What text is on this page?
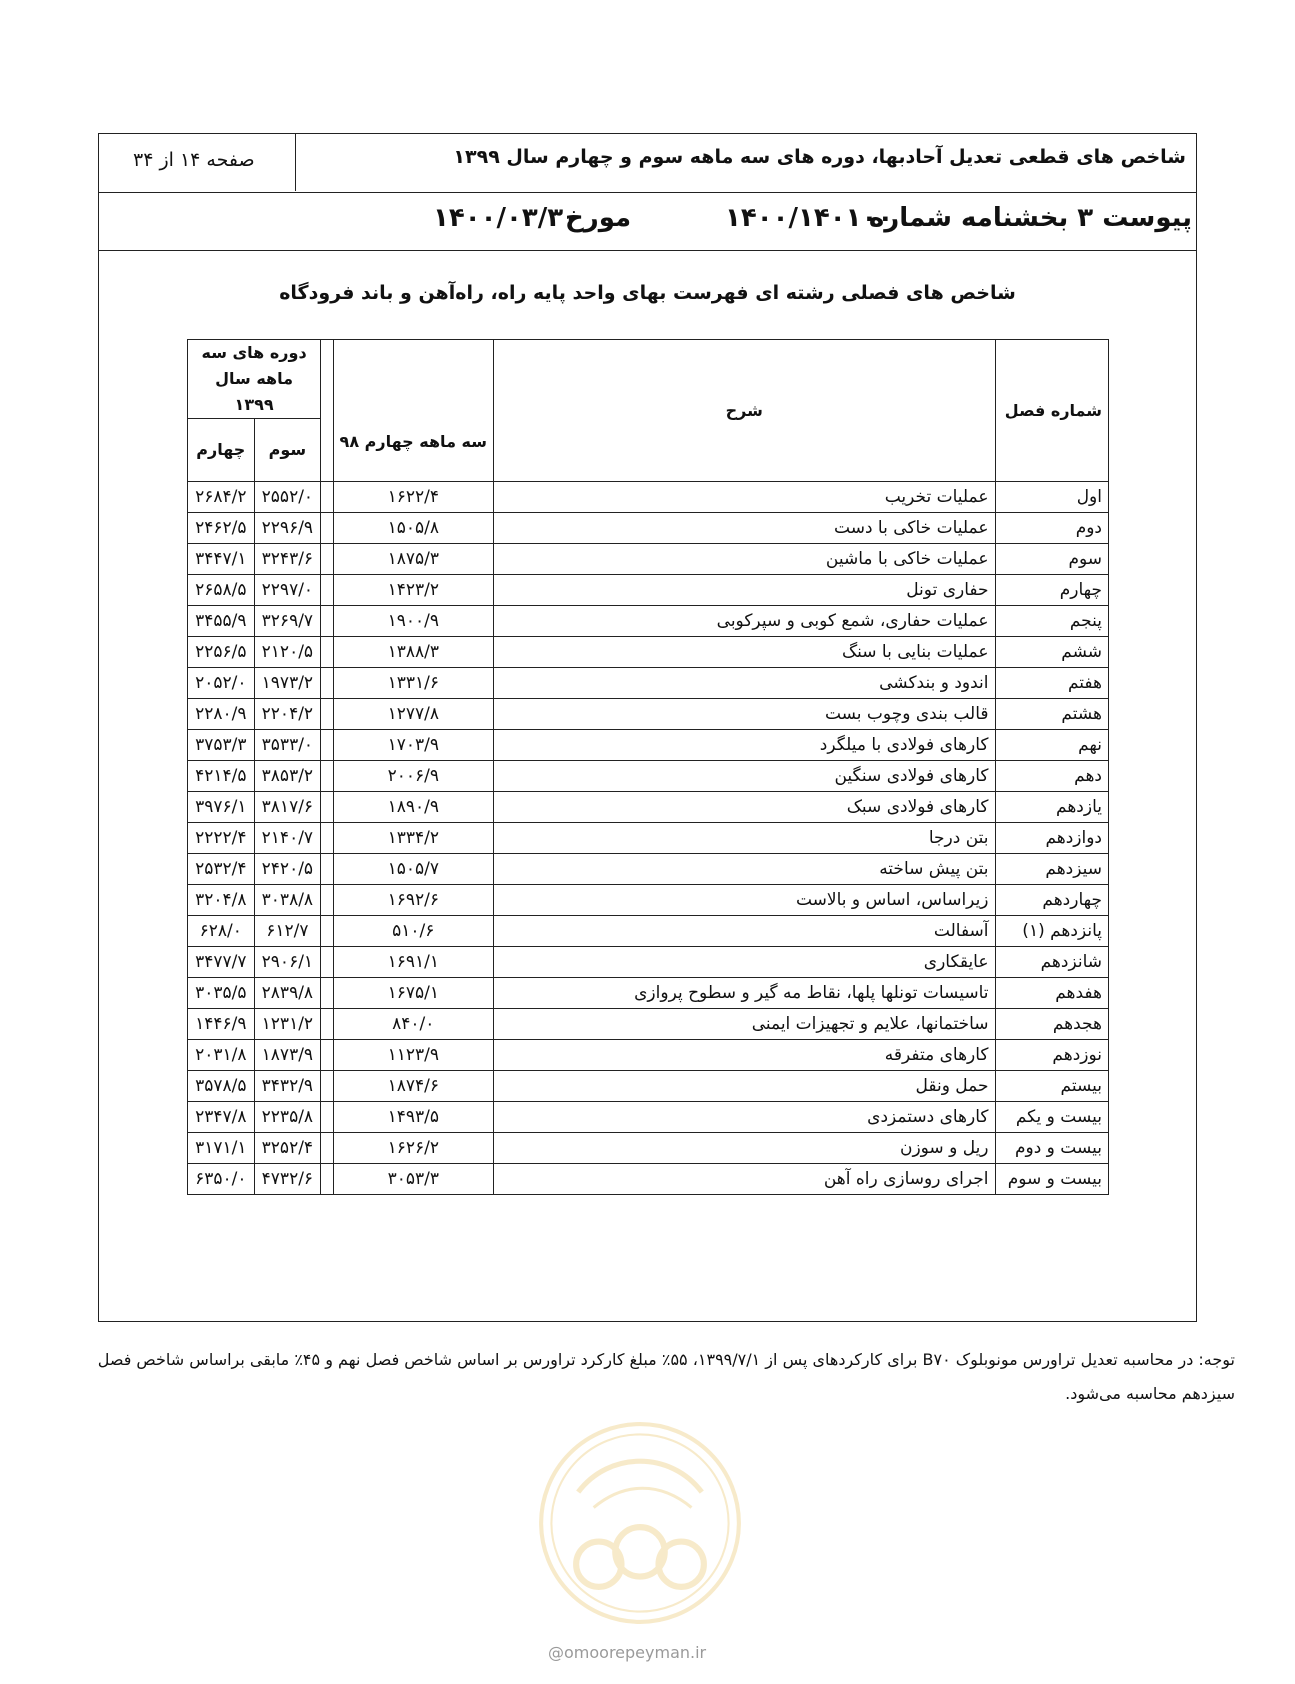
شاخص های قطعی تعدیل آحادبها، دوره های سه ماهه سوم و چهارم سال ۱۳۹۹
صفحه ۱۴ از ۳۴
پیوست ۳ بخشنامه شماره
۱۴۰۰/۱۴۰۱۰۰
مورخ
۱۴۰۰/۰۳/۳۰
شاخص های فصلی رشته ای فهرست بهای واحد پایه راه، راه‌آهن و باند فرودگاه
شماره فصل	شرح	سه ماهه چهارم ۹۸		دوره های سه ماهه سال ۱۳۹۹	
				سوم	چهارم
اول	عملیات تخریب	۱۶۲۲/۴		۲۵۵۲/۰	۲۶۸۴/۲
دوم	عملیات خاکی با دست	۱۵۰۵/۸		۲۲۹۶/۹	۲۴۶۲/۵
سوم	عملیات خاکی با ماشین	۱۸۷۵/۳		۳۲۴۳/۶	۳۴۴۷/۱
چهارم	حفاری تونل	۱۴۲۳/۲		۲۲۹۷/۰	۲۶۵۸/۵
پنجم	عملیات حفاری، شمع کوبی و سپرکوبی	۱۹۰۰/۹		۳۲۶۹/۷	۳۴۵۵/۹
ششم	عملیات بنایی با سنگ	۱۳۸۸/۳		۲۱۲۰/۵	۲۲۵۶/۵
هفتم	اندود و بندکشی	۱۳۳۱/۶		۱۹۷۳/۲	۲۰۵۲/۰
هشتم	قالب بندی وچوب بست	۱۲۷۷/۸		۲۲۰۴/۲	۲۲۸۰/۹
نهم	کارهای فولادی با میلگرد	۱۷۰۳/۹		۳۵۳۳/۰	۳۷۵۳/۳
دهم	کارهای فولادی سنگین	۲۰۰۶/۹		۳۸۵۳/۲	۴۲۱۴/۵
یازدهم	کارهای فولادی سبک	۱۸۹۰/۹		۳۸۱۷/۶	۳۹۷۶/۱
دوازدهم	بتن درجا	۱۳۳۴/۲		۲۱۴۰/۷	۲۲۲۲/۴
سیزدهم	بتن پیش ساخته	۱۵۰۵/۷		۲۴۲۰/۵	۲۵۳۲/۴
چهاردهم	زیراساس، اساس و بالاست	۱۶۹۲/۶		۳۰۳۸/۸	۳۲۰۴/۸
پانزدهم (۱)	آسفالت	۵۱۰/۶		۶۱۲/۷	۶۲۸/۰
شانزدهم	عایقکاری	۱۶۹۱/۱		۲۹۰۶/۱	۳۴۷۷/۷
هفدهم	تاسیسات تونلها پلها، نقاط مه گیر و سطوح پروازی	۱۶۷۵/۱		۲۸۳۹/۸	۳۰۳۵/۵
هجدهم	ساختمانها، علایم و تجهیزات ایمنی	۸۴۰/۰		۱۲۳۱/۲	۱۴۴۶/۹
نوزدهم	کارهای متفرقه	۱۱۲۳/۹		۱۸۷۳/۹	۲۰۳۱/۸
بیستم	حمل ونقل	۱۸۷۴/۶		۳۴۳۲/۹	۳۵۷۸/۵
بیست و یکم	کارهای دستمزدی	۱۴۹۳/۵		۲۲۳۵/۸	۲۳۴۷/۸
بیست و دوم	ریل و سوزن	۱۶۲۶/۲		۳۲۵۲/۴	۳۱۷۱/۱
بیست و سوم	اجرای روسازی راه آهن	۳۰۵۳/۳		۴۷۳۲/۶	۶۳۵۰/۰
توجه: در محاسبه تعدیل تراورس مونوبلوک B۷۰ برای کارکردهای پس از ۱۳۹۹/۷/۱، ۵۵٪ مبلغ کارکرد تراورس بر اساس شاخص فصل نهم و ۴۵٪ مابقی براساس شاخص فصل سیزدهم محاسبه می‌شود.
@omoorepeyman.ir
